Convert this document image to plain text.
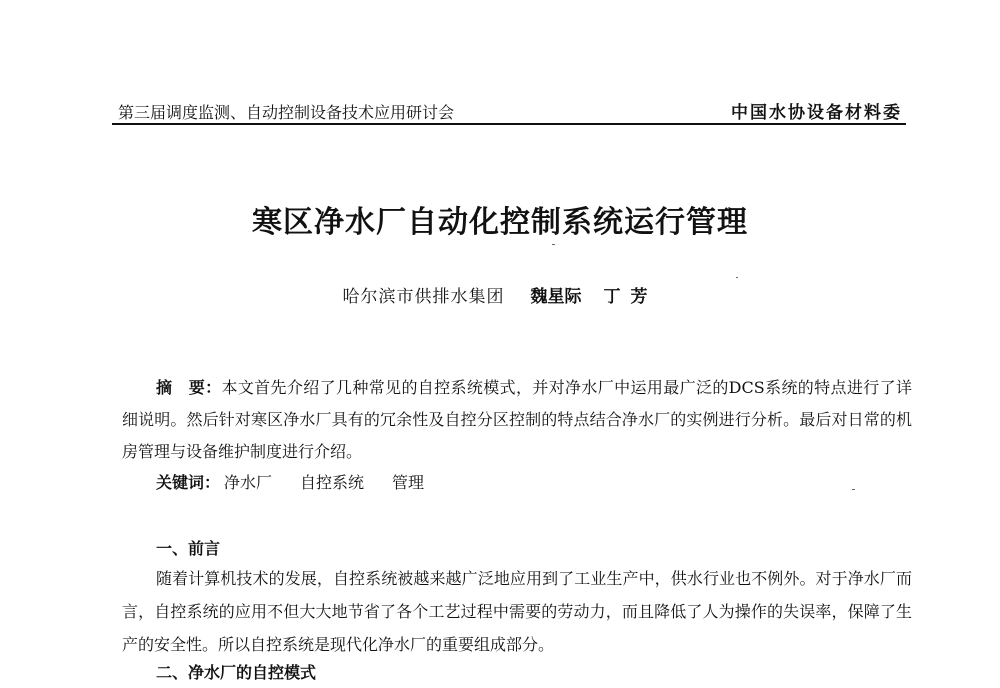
第三届调度监测、自动控制设备技术应用研讨会	中国水协设备材料委
寒区净水厂自动化控制系统运行管理
哈尔滨市供排水集团 魏星际 丁芳
摘　要：本文首先介绍了几种常见的自控系统模式，并对净水厂中运用最广泛的DCS系统的特点进行了详细说明。然后针对寒区净水厂具有的冗余性及自控分区控制的特点结合净水厂的实例进行分析。最后对日常的机房管理与设备维护制度进行介绍。
关键词： 净水厂 自控系统 管理
一、前言
随着计算机技术的发展，自控系统被越来越广泛地应用到了工业生产中，供水行业也不例外。对于净水厂而言，自控系统的应用不但大大地节省了各个工艺过程中需要的劳动力，而且降低了人为操作的失误率，保障了生产的安全性。所以自控系统是现代化净水厂的重要组成部分。
二、净水厂的自控模式
